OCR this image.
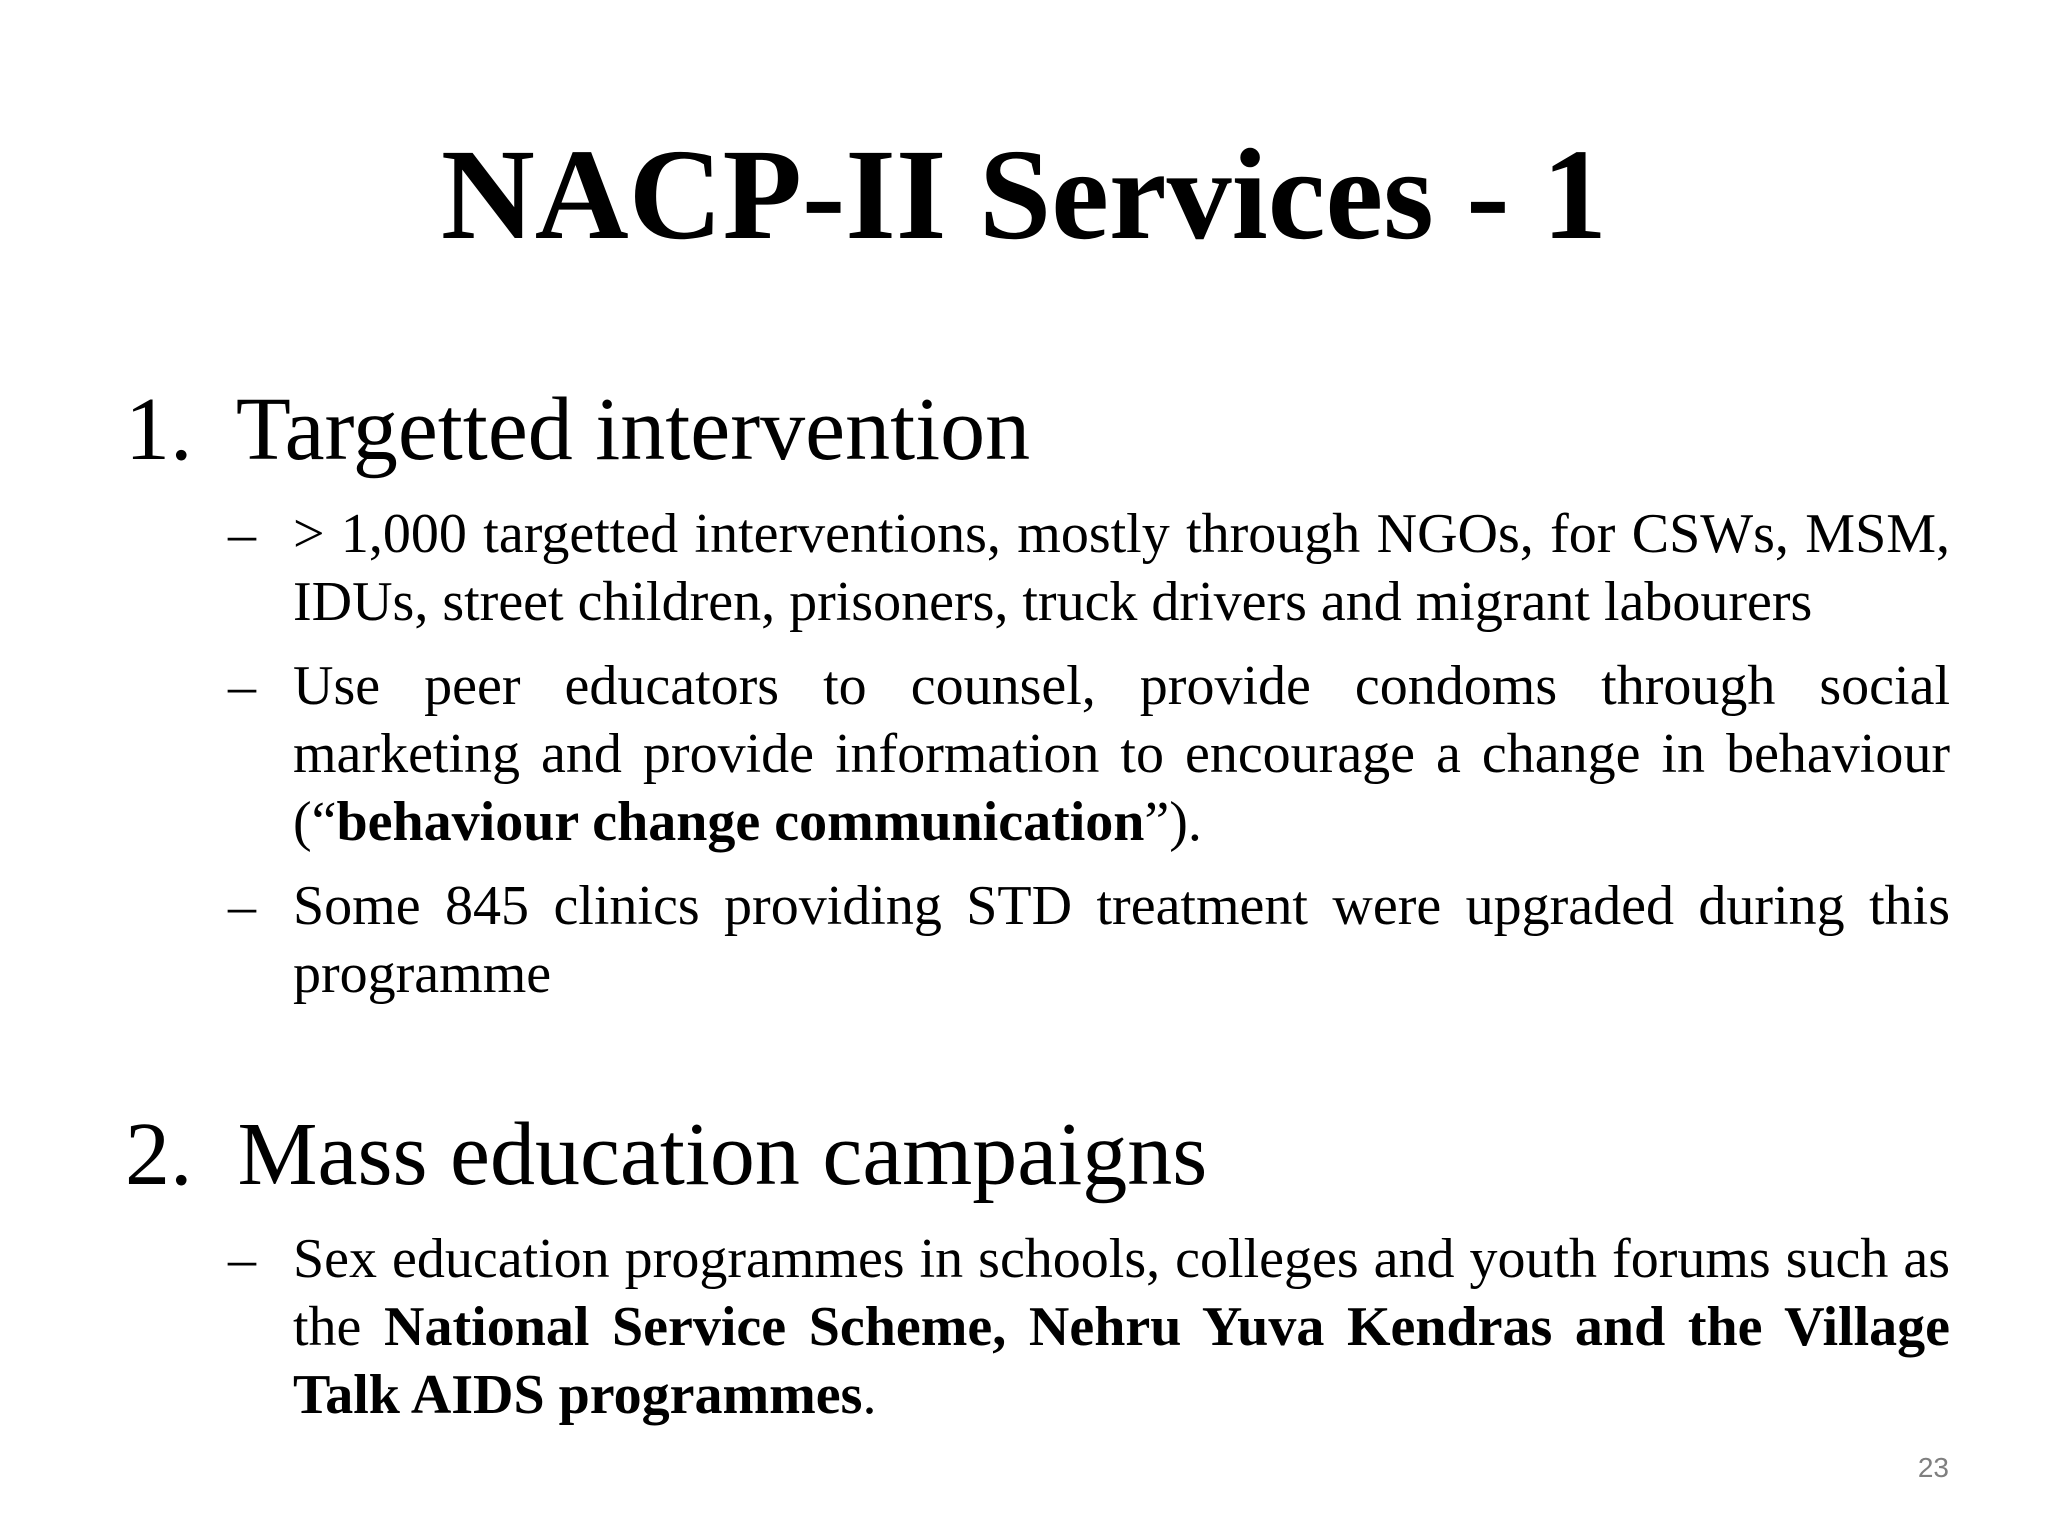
NACP-II Services - 1
1.  Targetted intervention
– > 1,000 targetted interventions, mostly through NGOs, for CSWs, MSM, IDUs, street children, prisoners, truck drivers and migrant labourers
– Use peer educators to counsel, provide condoms through social marketing and provide information to encourage a change in behaviour (“behaviour change communication”).
– Some 845 clinics providing STD treatment were upgraded during this programme
2.  Mass education campaigns
– Sex education programmes in schools, colleges and youth forums such as the National Service Scheme, Nehru Yuva Kendras and the Village Talk AIDS programmes.
23
